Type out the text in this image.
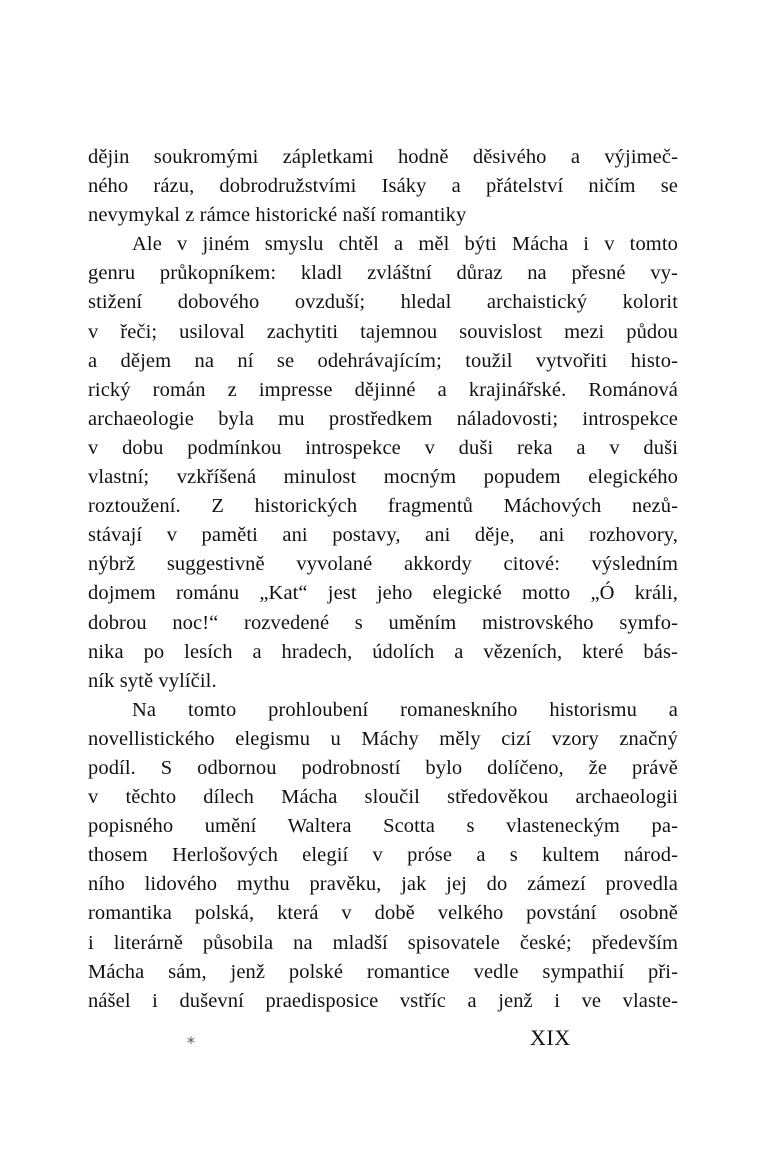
dějin soukromými zápletkami hodně děsivého a výjimeč-
ného rázu, dobrodružstvími Isáky a přátelství ničím se
nevymykal z rámce historické naší romantiky
Ale v jiném smyslu chtěl a měl býti Mácha i v tomto
genru průkopníkem: kladl zvláštní důraz na přesné vy-
stižení dobového ovzduší; hledal archaistický kolorit
v řeči; usiloval zachytiti tajemnou souvislost mezi půdou
a dějem na ní se odehrávajícím; toužil vytvořiti histo-
rický román z impresse dějinné a krajinářské. Románová
archaeologie byla mu prostředkem náladovosti; introspekce
v dobu podmínkou introspekce v duši reka a v duši
vlastní; vzkříšená minulost mocným popudem elegického
roztoužení. Z historických fragmentů Máchových nezů-
stávají v paměti ani postavy, ani děje, ani rozhovory,
nýbrž suggestivně vyvolané akkordy citové: výsledním
dojmem románu „Kat“ jest jeho elegické motto „Ó králi,
dobrou noc!“ rozvedené s uměním mistrovského symfo-
nika po lesích a hradech, údolích a vězeních, které bás-
ník sytě vylíčil.
Na tomto prohloubení romaneskního historismu a
novellistického elegismu u Máchy měly cizí vzory značný
podíl. S odbornou podrobností bylo dolíčeno, že právě
v těchto dílech Mácha sloučil středověkou archaeologii
popisného umění Waltera Scotta s vlasteneckým pa-
thosem Herlošových elegií v próse a s kultem národ-
ního lidového mythu pravěku, jak jej do zámezí provedla
romantika polská, která v době velkého povstání osobně
i literárně působila na mladší spisovatele české; především
Mácha sám, jenž polské romantice vedle sympathií při-
nášel i duševní praedisposice vstříc a jenž i ve vlaste-
*	XIX
